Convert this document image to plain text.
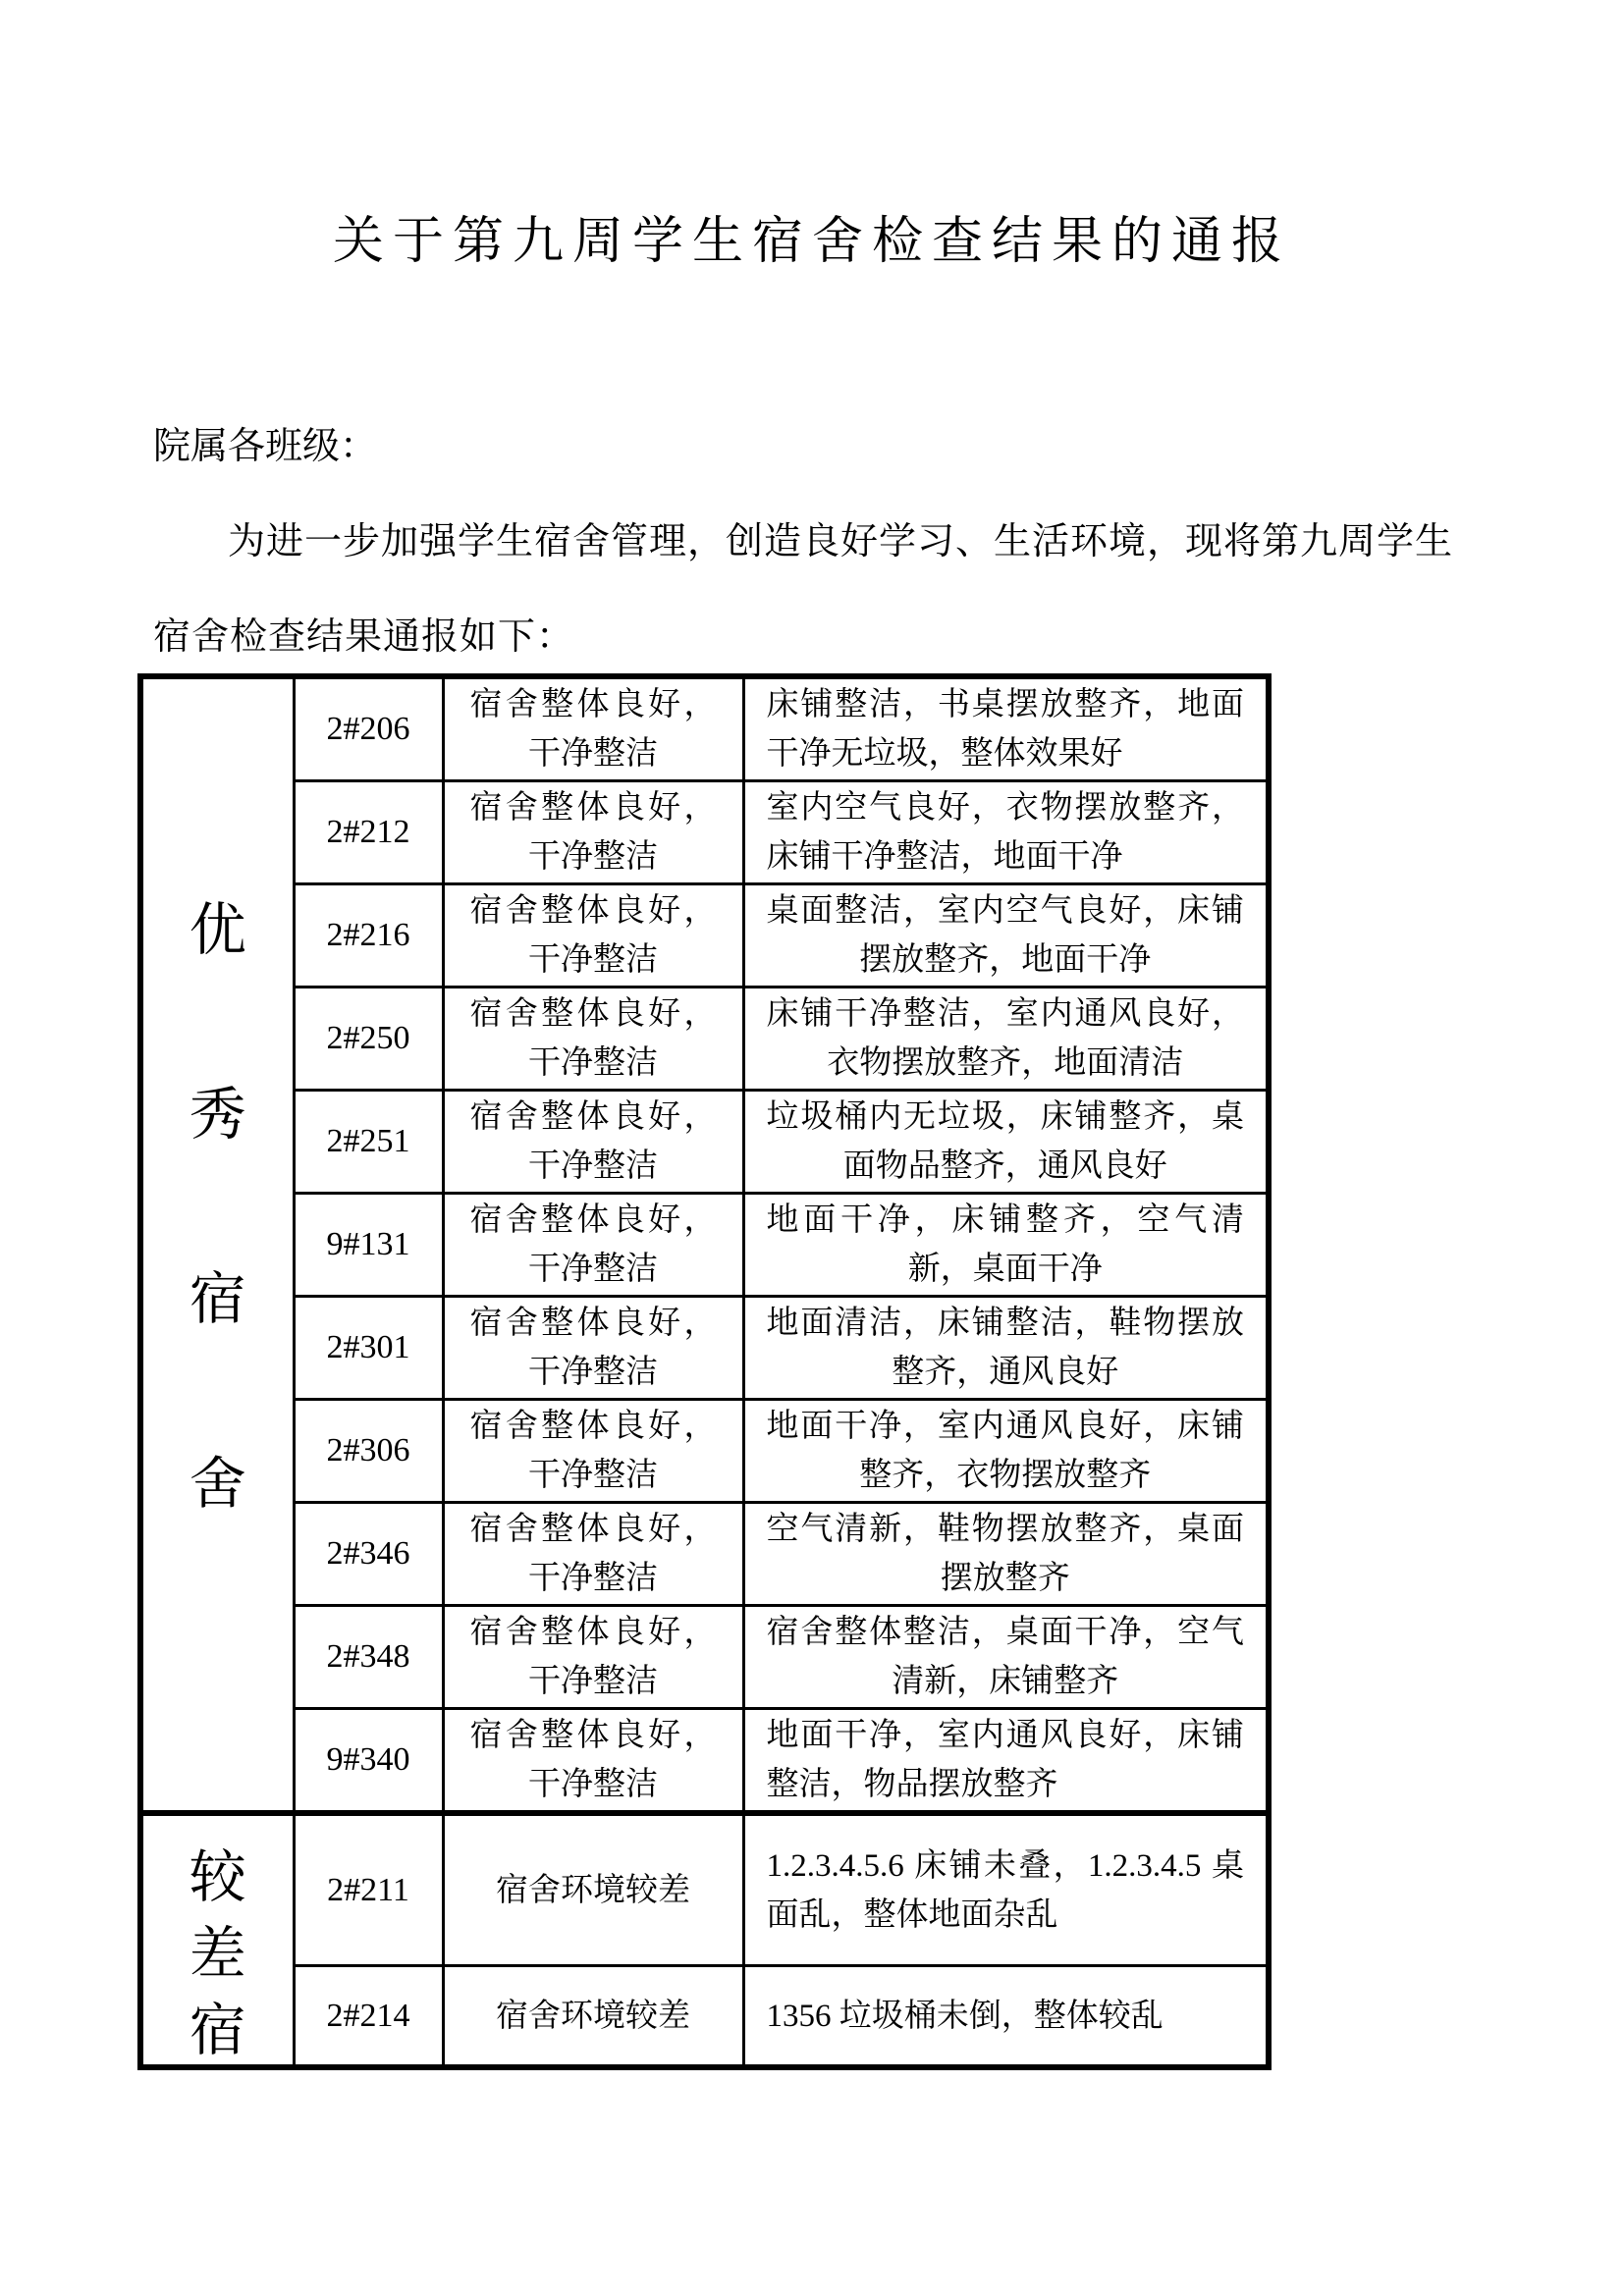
关于第九周学生宿舍检查结果的通报
院属各班级：
为进一步加强学生宿舍管理，创造良好学习、生活环境，现将第九周学生
宿舍检查结果通报如下：
优
秀
宿
舍	2#206	宿舍整体良好，干净整洁	床铺整洁，书桌摆放整齐，地面干净无垃圾，整体效果好
	2#212	宿舍整体良好，干净整洁	室内空气良好，衣物摆放整齐，床铺干净整洁，地面干净
	2#216	宿舍整体良好，干净整洁	桌面整洁，室内空气良好，床铺摆放整齐，地面干净
	2#250	宿舍整体良好，干净整洁	床铺干净整洁，室内通风良好，衣物摆放整齐，地面清洁
	2#251	宿舍整体良好，干净整洁	垃圾桶内无垃圾，床铺整齐，桌面物品整齐，通风良好
	9#131	宿舍整体良好，干净整洁	地面干净，床铺整齐，空气清新，桌面干净
	2#301	宿舍整体良好，干净整洁	地面清洁，床铺整洁，鞋物摆放整齐，通风良好
	2#306	宿舍整体良好，干净整洁	地面干净，室内通风良好，床铺整齐，衣物摆放整齐
	2#346	宿舍整体良好，干净整洁	空气清新，鞋物摆放整齐，桌面摆放整齐
	2#348	宿舍整体良好，干净整洁	宿舍整体整洁，桌面干净，空气清新，床铺整齐
	9#340	宿舍整体良好，干净整洁	地面干净，室内通风良好，床铺整洁，物品摆放整齐

较
差
宿	2#211	宿舍环境较差	1.2.3.4.5.6 床铺未叠，1.2.3.4.5 桌面乱，整体地面杂乱
	2#214	宿舍环境较差	1356 垃圾桶未倒，整体较乱
